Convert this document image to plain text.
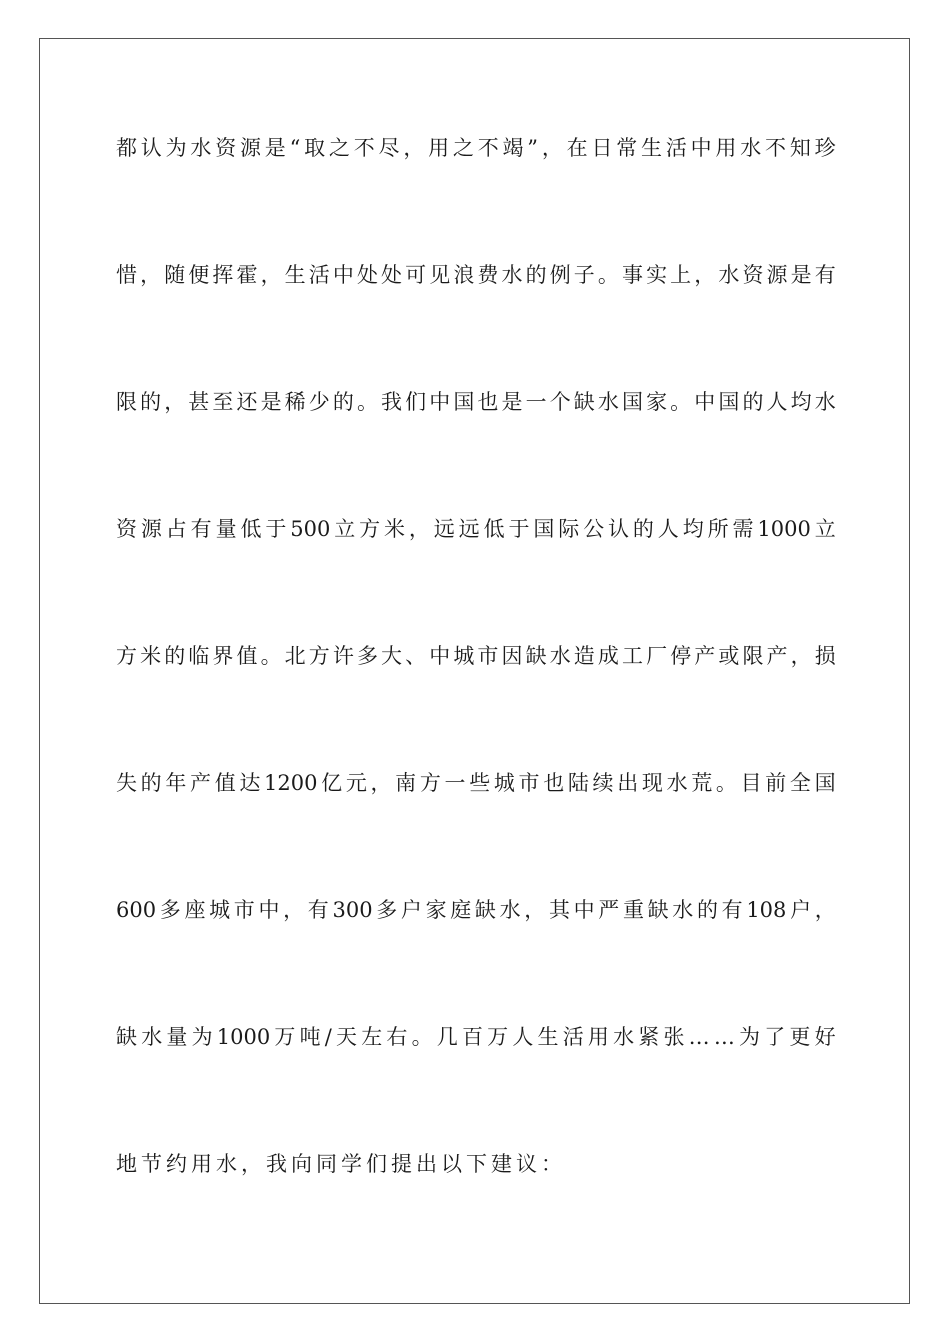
都 认 为 水 资 源 是 “ 取 之 不 尽 ， 用 之 不 竭 ” ， 在 日 常 生 活 中 用 水 不 知 珍
惜 ， 随 便 挥 霍 ， 生 活 中 处 处 可 见 浪 费 水 的 例 子 。 事 实 上 ， 水 资 源 是 有
限 的 ， 甚 至 还 是 稀 少 的 。 我 们 中 国 也 是 一 个 缺 水 国 家 。 中 国 的 人 均 水
资 源 占 有 量 低 于 500 立 方 米 ， 远 远 低 于 国 际 公 认 的 人 均 所 需 1000 立
方 米 的 临 界 值 。 北 方 许 多 大 、 中 城 市 因 缺 水 造 成 工 厂 停 产 或 限 产 ， 损
失 的 年 产 值 达 1200 亿 元 ， 南 方 一 些 城 市 也 陆 续 出 现 水 荒 。 目 前 全 国
600 多 座 城 市 中 ， 有 300 多 户 家 庭 缺 水 ， 其 中 严 重 缺 水 的 有 108 户 ，
缺 水 量 为 1000 万 吨 / 天 左 右 。 几 百 万 人 生 活 用 水 紧 张 … … 为 了 更 好
地节约用水，我向同学们提出以下建议：
